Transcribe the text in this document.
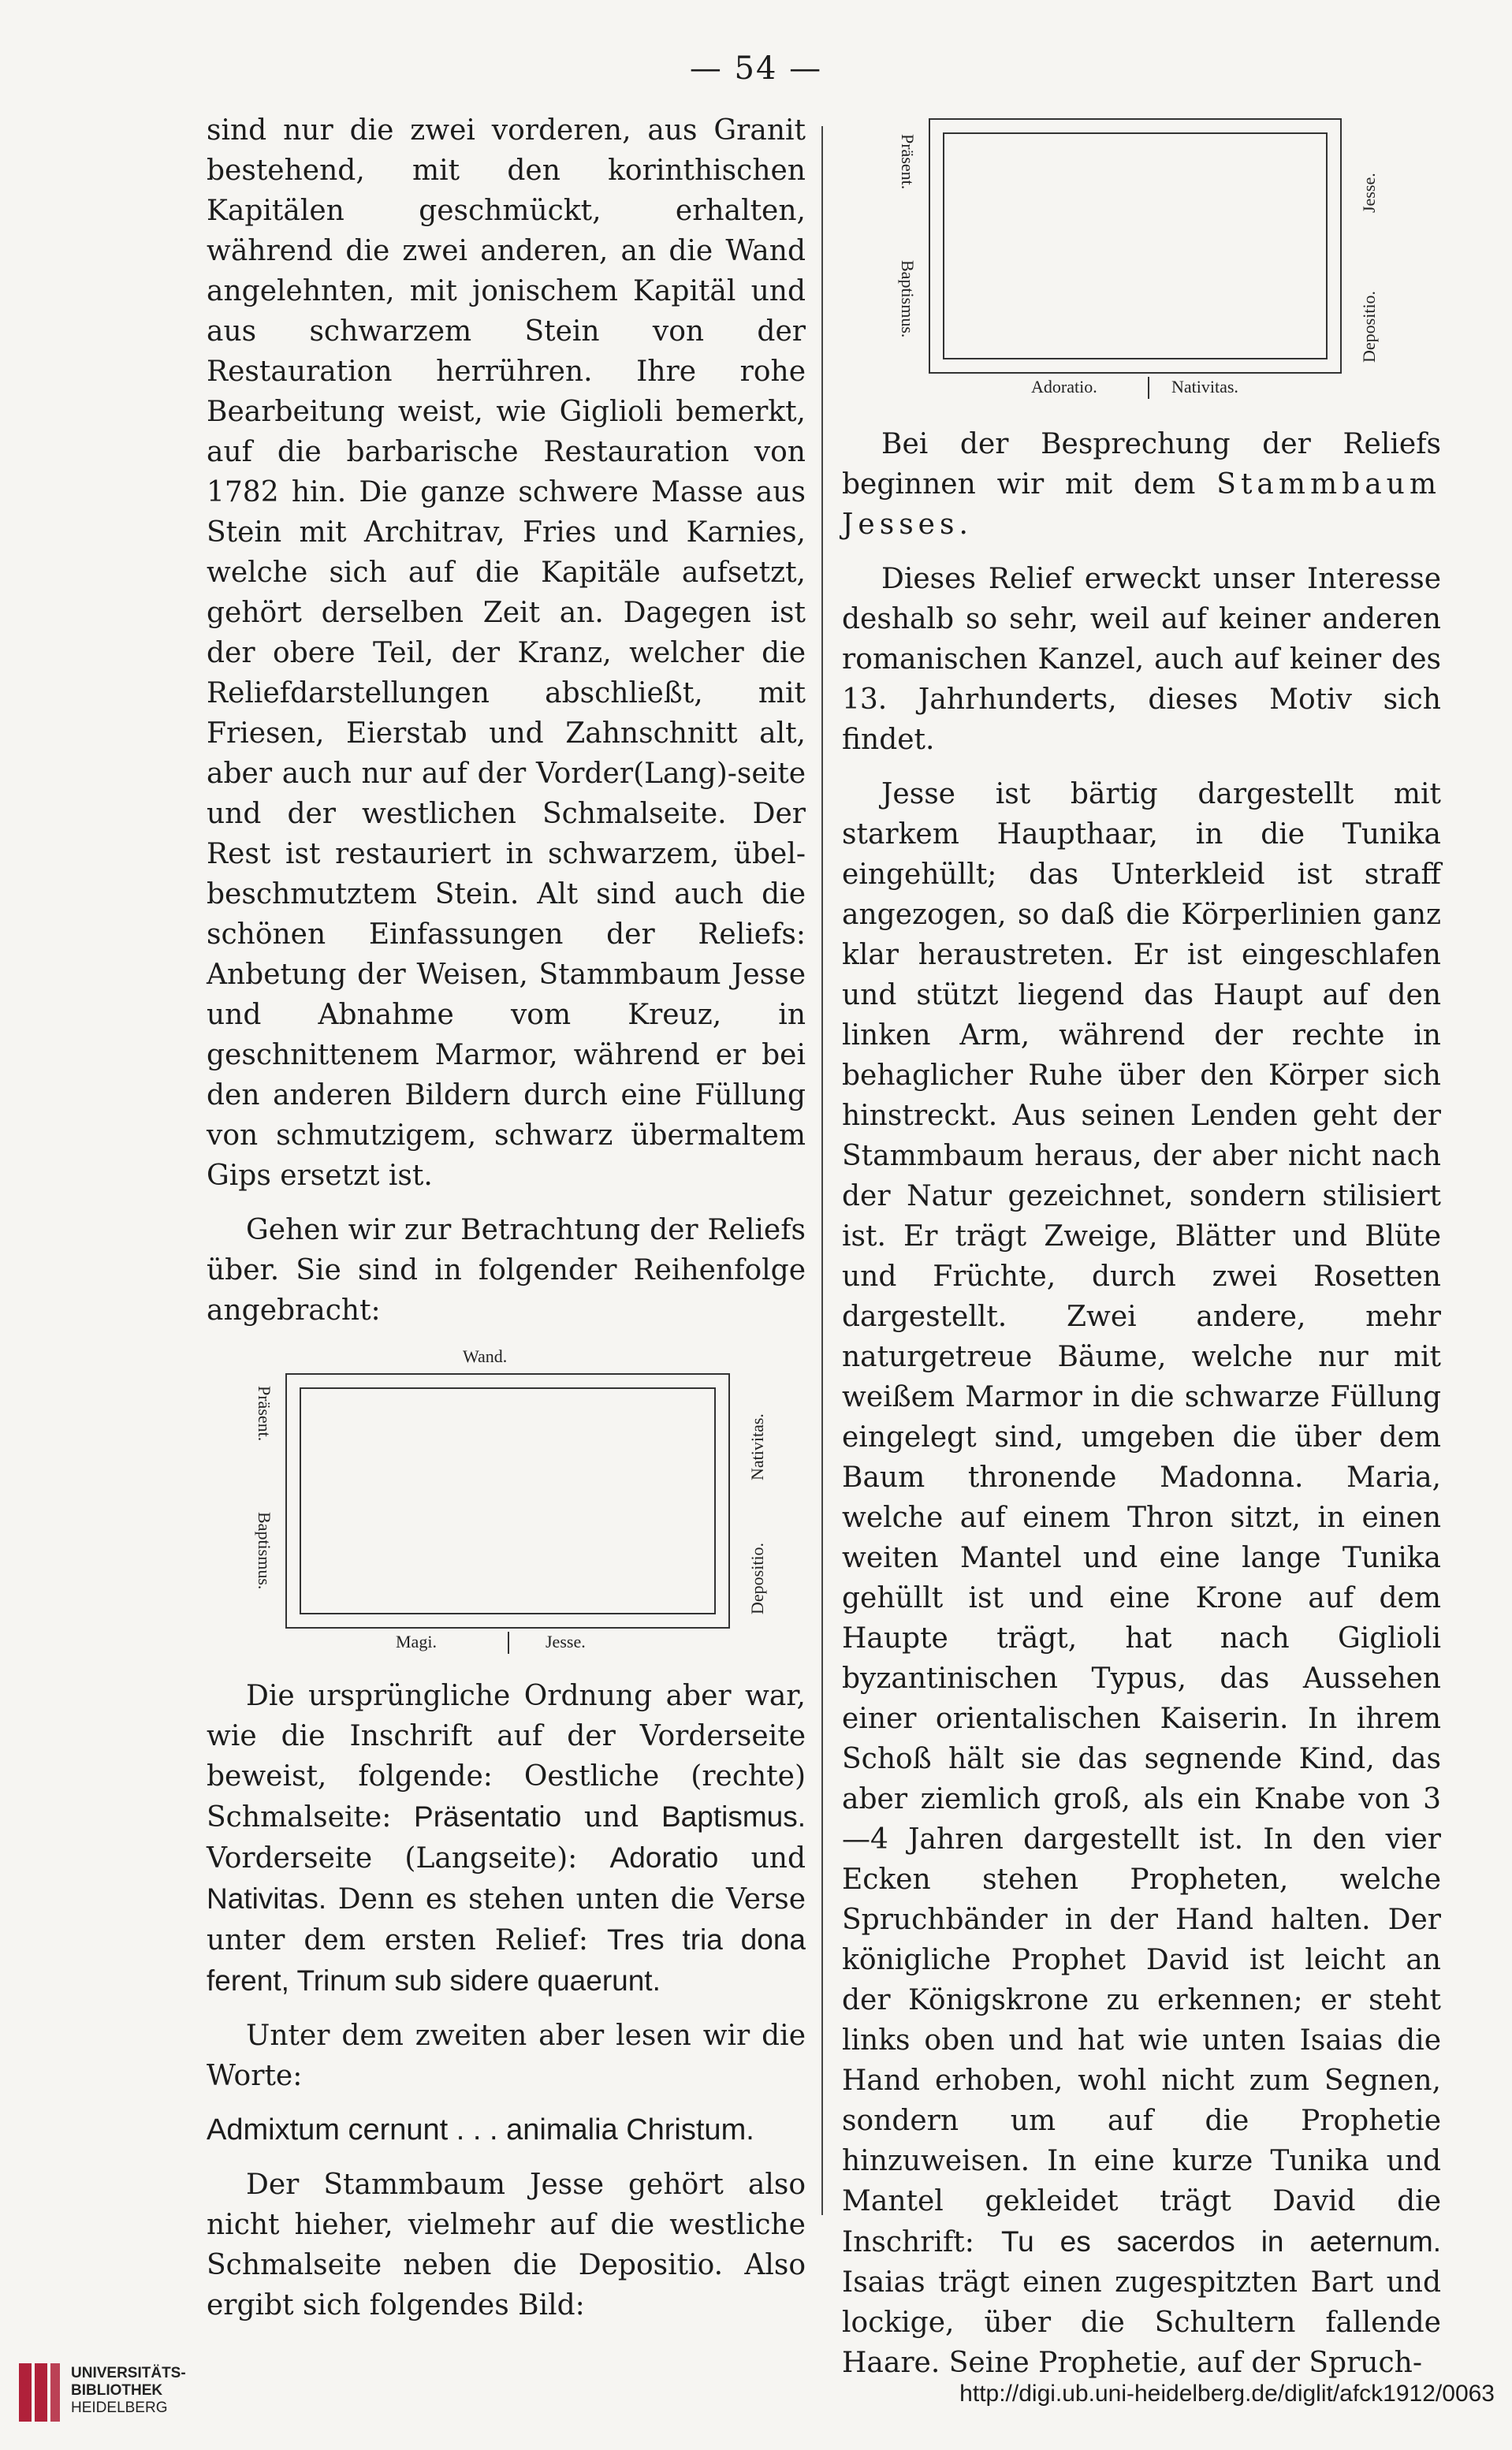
— 54 —

sind nur die zwei vorderen, aus Granit bestehend, mit den korinthischen Kapitälen geschmückt, erhalten, während die zwei anderen, an die Wand angelehnten, mit jonischem Kapitäl und aus schwarzem Stein von der Restauration herrühren. Ihre rohe Bearbeitung weist, wie Giglioli bemerkt, auf die barbarische Restauration von 1782 hin. Die ganze schwere Masse aus Stein mit Architrav, Fries und Karnies, welche sich auf die Kapitäle aufsetzt, gehört derselben Zeit an. Dagegen ist der obere Teil, der Kranz, welcher die Reliefdarstellungen abschließt, mit Friesen, Eierstab und Zahnschnitt alt, aber auch nur auf der Vorder(Lang)-seite und der westlichen Schmalseite. Der Rest ist restauriert in schwarzem, übel-beschmutztem Stein. Alt sind auch die schönen Einfassungen der Reliefs: Anbetung der Weisen, Stammbaum Jesse und Abnahme vom Kreuz, in geschnittenem Marmor, während er bei den anderen Bildern durch eine Füllung von schmutzigem, schwarz übermaltem Gips ersetzt ist.

Gehen wir zur Betrachtung der Reliefs über. Sie sind in folgender Reihenfolge angebracht:

Wand.
Präsent.
Baptismus.
Nativitas.
Depositio.
Magi.	Jesse.

Die ursprüngliche Ordnung aber war, wie die Inschrift auf der Vorderseite beweist, folgende: Oestliche (rechte) Schmalseite: Präsentatio und Baptismus. Vorderseite (Langseite): Adoratio und Nativitas. Denn es stehen unten die Verse unter dem ersten Relief: Tres tria dona ferent, Trinum sub sidere quaerunt.

Unter dem zweiten aber lesen wir die Worte:

Admixtum cernunt . . . animalia Christum.

Der Stammbaum Jesse gehört also nicht hieher, vielmehr auf die westliche Schmalseite neben die Depositio. Also ergibt sich folgendes Bild:

Präsent.
Baptismus.
Jesse.
Depositio.
Adoratio.	Nativitas.

Bei der Besprechung der Reliefs beginnen wir mit dem Stammbaum Jesses.

Dieses Relief erweckt unser Interesse deshalb so sehr, weil auf keiner anderen romanischen Kanzel, auch auf keiner des 13. Jahrhunderts, dieses Motiv sich findet.

Jesse ist bärtig dargestellt mit starkem Haupthaar, in die Tunika eingehüllt; das Unterkleid ist straff angezogen, so daß die Körperlinien ganz klar heraustreten. Er ist eingeschlafen und stützt liegend das Haupt auf den linken Arm, während der rechte in behaglicher Ruhe über den Körper sich hinstreckt. Aus seinen Lenden geht der Stammbaum heraus, der aber nicht nach der Natur gezeichnet, sondern stilisiert ist. Er trägt Zweige, Blätter und Blüte und Früchte, durch zwei Rosetten dargestellt. Zwei andere, mehr naturgetreue Bäume, welche nur mit weißem Marmor in die schwarze Füllung eingelegt sind, umgeben die über dem Baum thronende Madonna. Maria, welche auf einem Thron sitzt, in einen weiten Mantel und eine lange Tunika gehüllt ist und eine Krone auf dem Haupte trägt, hat nach Giglioli byzantinischen Typus, das Aussehen einer orientalischen Kaiserin. In ihrem Schoß hält sie das segnende Kind, das aber ziemlich groß, als ein Knabe von 3—4 Jahren dargestellt ist. In den vier Ecken stehen Propheten, welche Spruchbänder in der Hand halten. Der königliche Prophet David ist leicht an der Königskrone zu erkennen; er steht links oben und hat wie unten Isaias die Hand erhoben, wohl nicht zum Segnen, sondern um auf die Prophetie hinzuweisen. In eine kurze Tunika und Mantel gekleidet trägt David die Inschrift: Tu es sacerdos in aeternum. Isaias trägt einen zugespitzten Bart und lockige, über die Schultern fallende Haare. Seine Prophetie, auf der Spruch-

UNIVERSITÄTS-
BIBLIOTHEK
HEIDELBERG
http://digi.ub.uni-heidelberg.de/diglit/afck1912/0063
